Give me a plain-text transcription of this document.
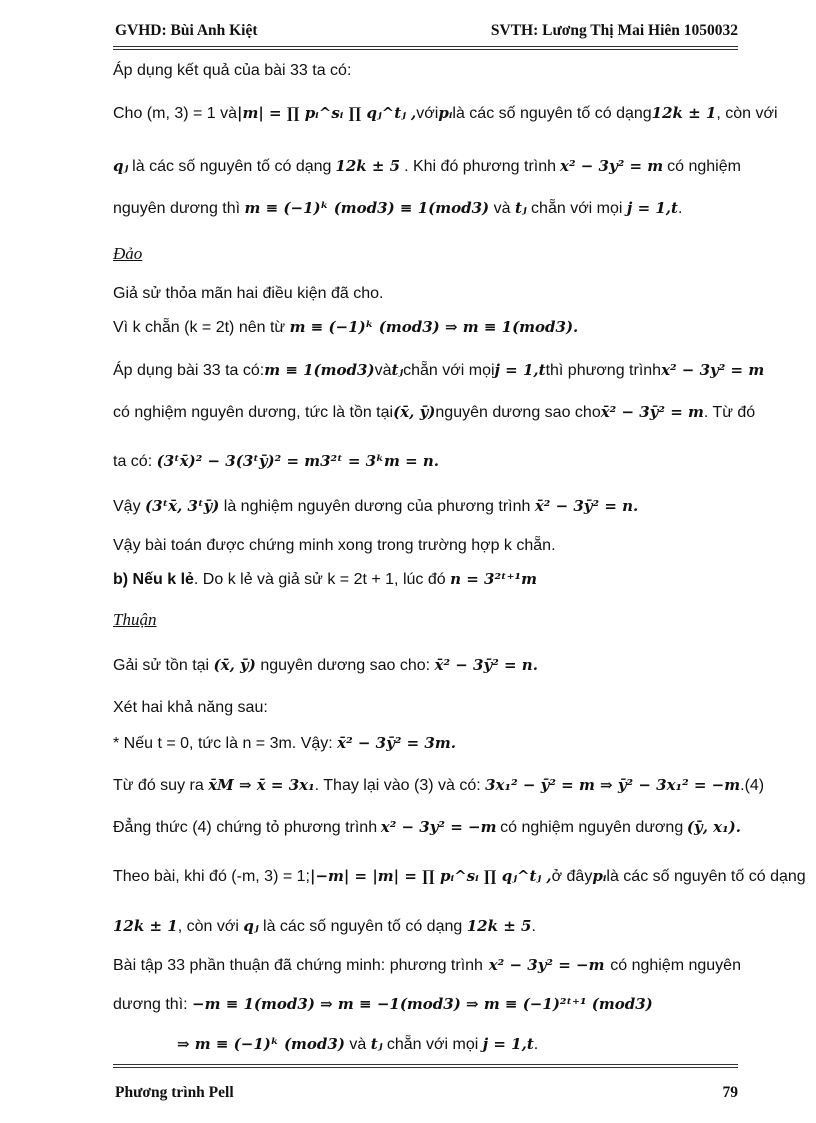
GVHD: Bùi Anh Kiệt	SVTH: Lương Thị Mai Hiên 1050032
Áp dụng kết quả của bài 33 ta có:
Cho (m, 3) = 1 và |m| = ∏ pᵢ^sᵢ ∏ qⱼ^tⱼ , với pᵢ là các số nguyên tố có dạng 12k ± 1 , còn với
qⱼ là các số nguyên tố có dạng 12k ± 5 . Khi đó phương trình x² − 3y² = m có nghiệm
nguyên dương thì m ≡ (−1)ᵏ (mod3) ≡ 1(mod3) và tⱼ chẵn với mọi j = 1,t.
Đảo
Giả sử thỏa mãn hai điều kiện đã cho.
Vì k chẵn (k = 2t) nên từ m ≡ (−1)ᵏ (mod3) ⇒ m ≡ 1(mod3).
Áp dụng bài 33 ta có: m ≡ 1(mod3) và tⱼ chẵn với mọi j = 1,t thì phương trình x² − 3y² = m
có nghiệm nguyên dương, tức là tồn tại (x̄, ȳ) nguyên dương sao cho x̄² − 3ȳ² = m . Từ đó
ta có: (3ᵗx̄)² − 3(3ᵗȳ)² = m3²ᵗ = 3ᵏm = n.
Vậy (3ᵗx̄, 3ᵗȳ) là nghiệm nguyên dương của phương trình x̄² − 3ȳ² = n.
Vậy bài toán được chứng minh xong trong trường hợp k chẵn.
b) Nếu k lẻ. Do k lẻ và giả sử k = 2t + 1, lúc đó n = 3²ᵗ⁺¹m
Thuận
Gải sử tồn tại (x̄, ȳ) nguyên dương sao cho: x̄² − 3ȳ² = n.
Xét hai khả năng sau:
* Nếu t = 0, tức là n = 3m. Vậy: x̄² − 3ȳ² = 3m.
Từ đó suy ra x̄M ⇒ x̄ = 3x₁. Thay lại vào (3) và có: 3x₁² − ȳ² = m ⇒ ȳ² − 3x₁² = −m.(4)
Đẳng thức (4) chứng tỏ phương trình x² − 3y² = −m có nghiệm nguyên dương (ȳ, x₁).
Theo bài, khi đó (-m, 3) = 1; |−m| = |m| = ∏ pᵢ^sᵢ ∏ qⱼ^tⱼ , ở đây pᵢ là các số nguyên tố có dạng
12k ± 1, còn với qⱼ là các số nguyên tố có dạng 12k ± 5.
Bài tập 33 phần thuận đã chứng minh: phương trình x² − 3y² = −m có nghiệm nguyên
dương thì: −m ≡ 1(mod3) ⇒ m ≡ −1(mod3) ⇒ m ≡ (−1)²ᵗ⁺¹ (mod3)
⇒ m ≡ (−1)ᵏ (mod3) và tⱼ chẵn với mọi j = 1,t.
Phương trình Pell	79
